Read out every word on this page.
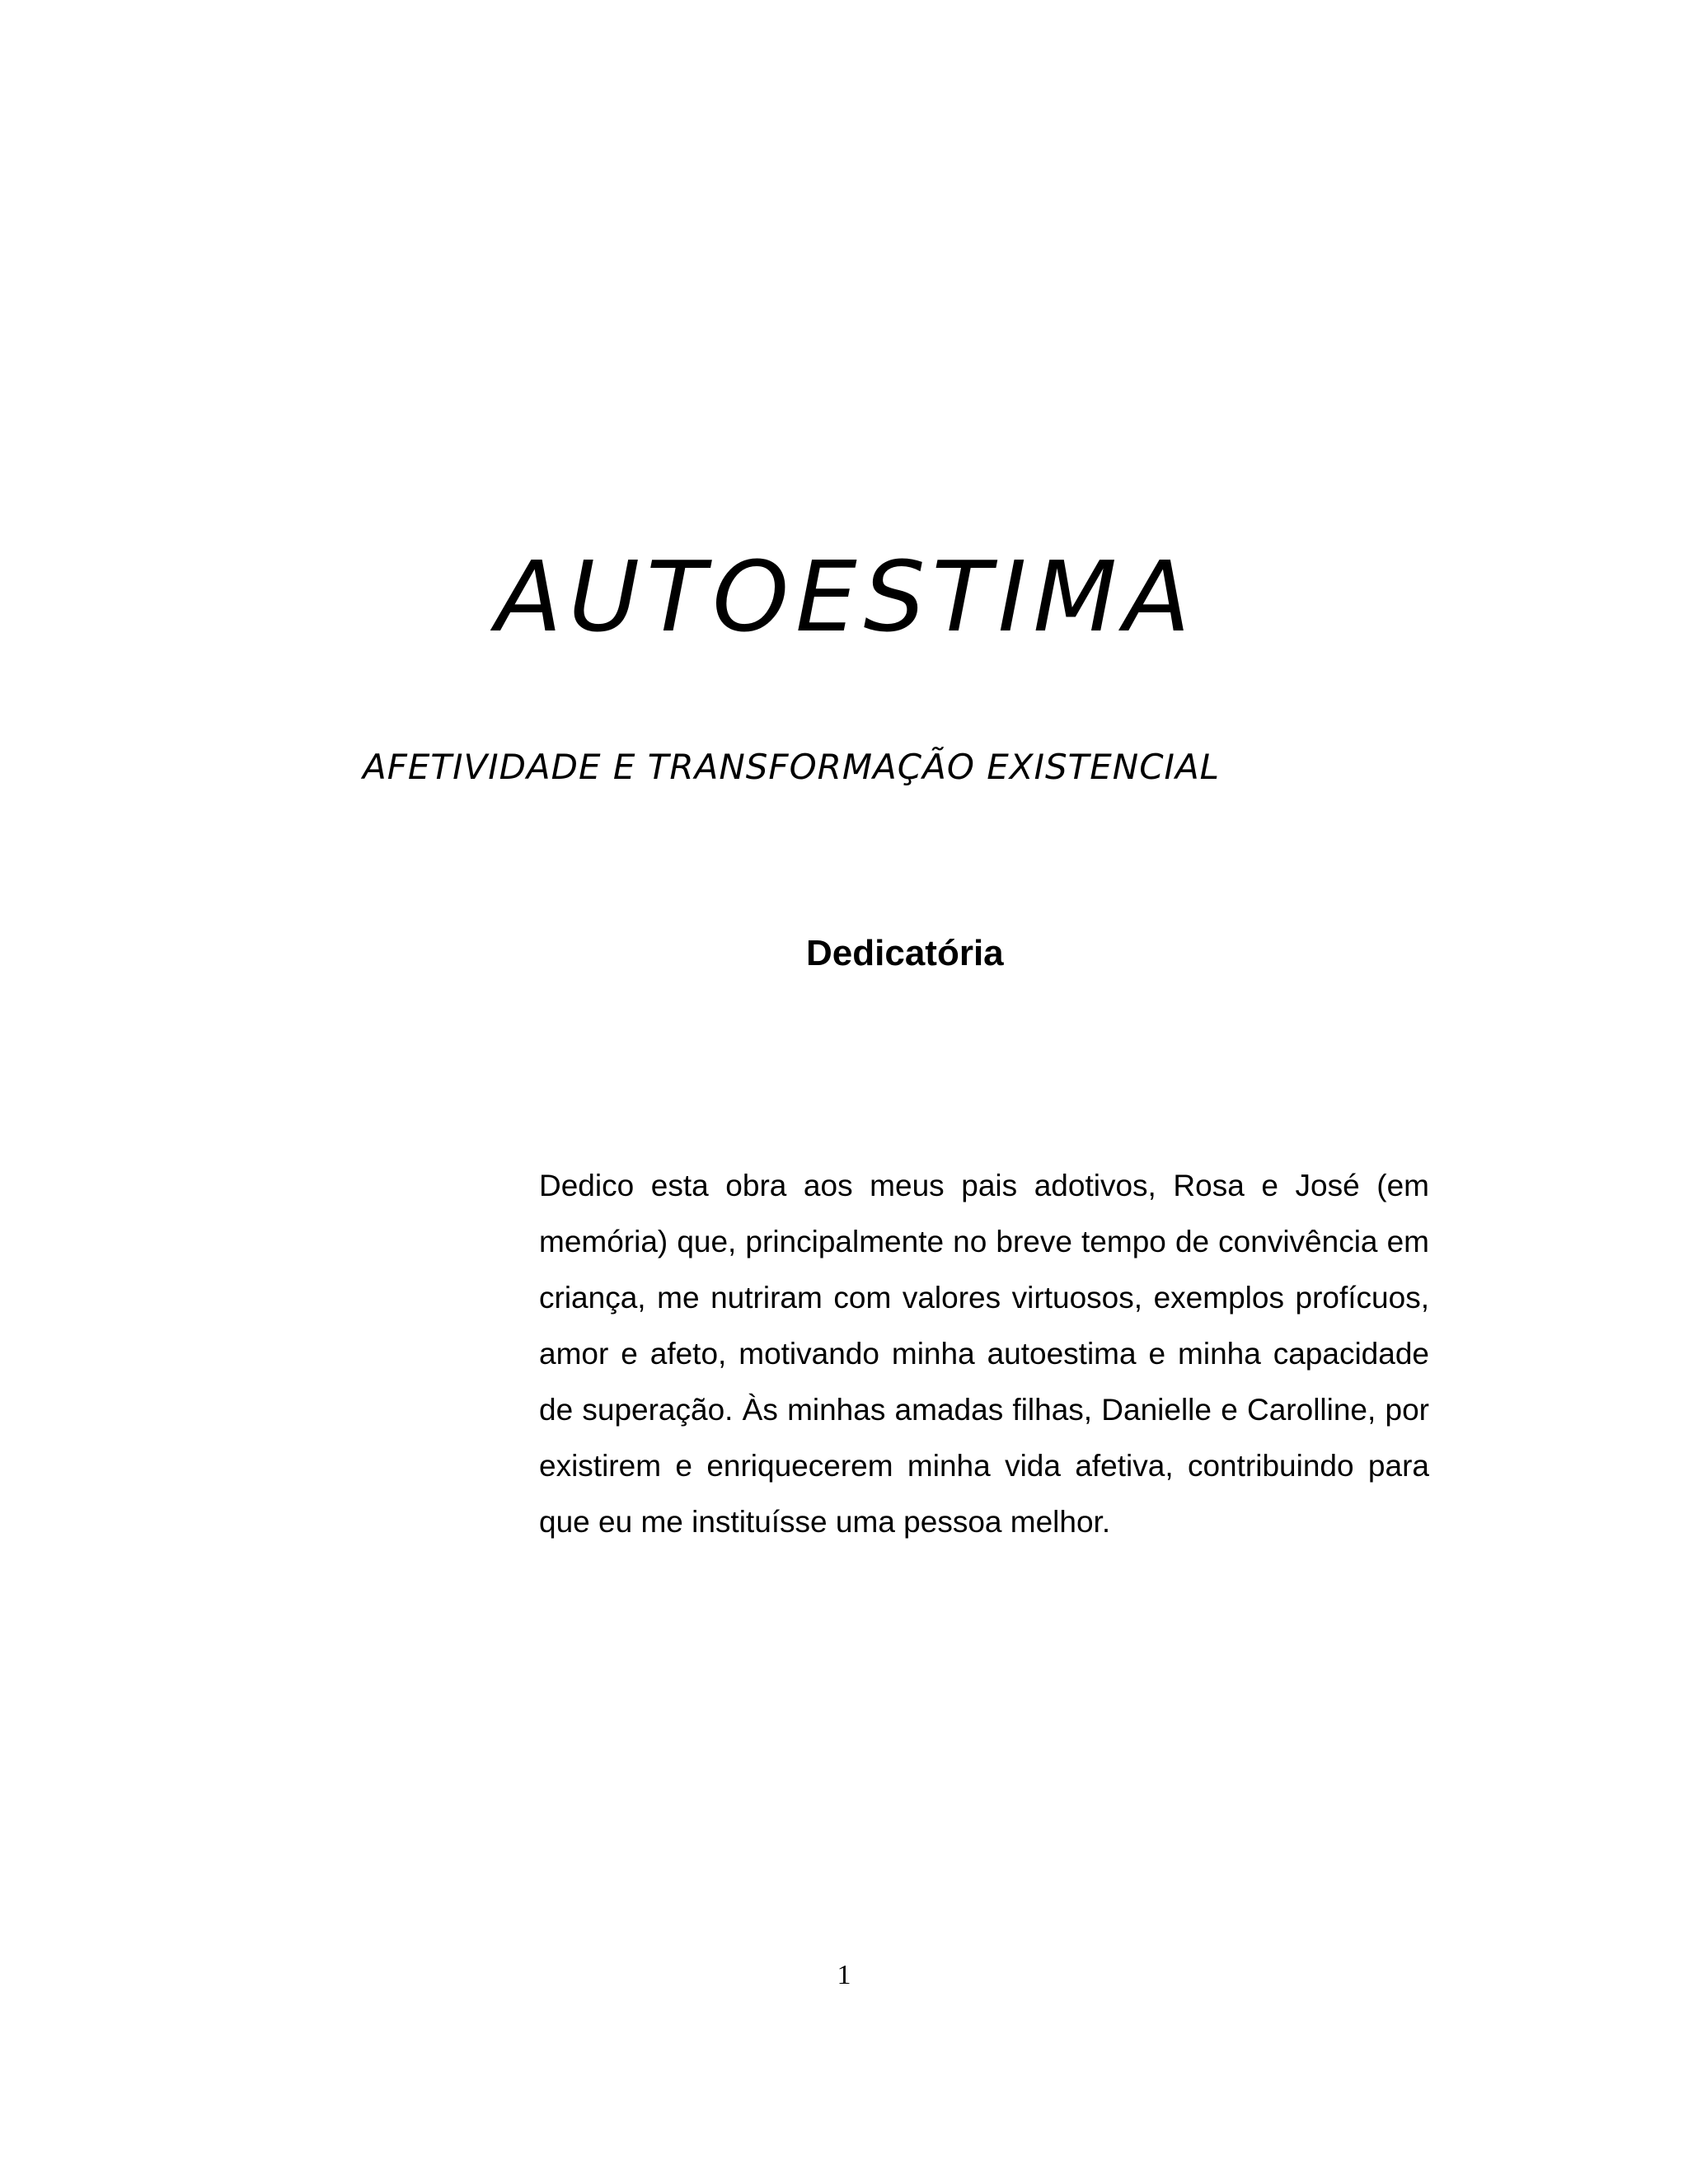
AUTOESTIMA
AFETIVIDADE E TRANSFORMAÇÃO EXISTENCIAL
Dedicatória

Dedico esta obra aos meus pais adotivos, Rosa e José (em memória) que, principalmente no breve tempo de convivência em criança, me nutriram com valores virtuosos, exemplos profícuos, amor e afeto, motivando minha autoestima e minha capacidade de superação. Às minhas amadas filhas, Danielle e Carolline, por existirem e enriquecerem minha vida afetiva, contribuindo para que eu me instituísse uma pessoa melhor.

1
